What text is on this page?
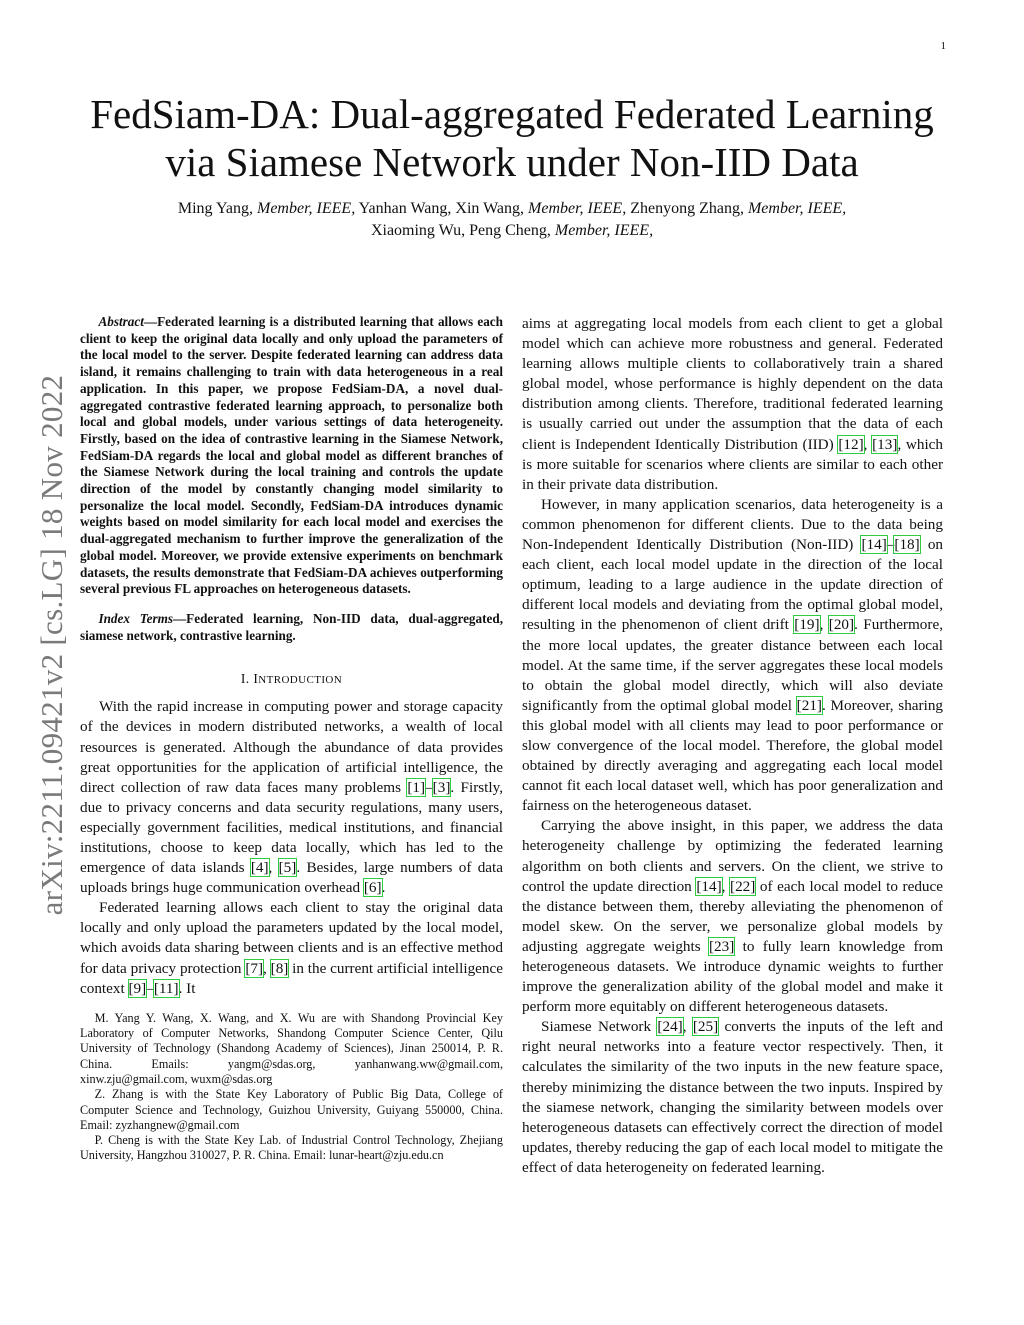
1
arXiv:2211.09421v2 [cs.LG] 18 Nov 2022
FedSiam-DA: Dual-aggregated Federated Learning via Siamese Network under Non-IID Data
Ming Yang, Member, IEEE, Yanhan Wang, Xin Wang, Member, IEEE, Zhenyong Zhang, Member, IEEE,
Xiaoming Wu, Peng Cheng, Member, IEEE,

Abstract—Federated learning is a distributed learning that allows each client to keep the original data locally and only upload the parameters of the local model to the server. Despite federated learning can address data island, it remains challenging to train with data heterogeneous in a real application. In this paper, we propose FedSiam-DA, a novel dual-aggregated contrastive federated learning approach, to personalize both local and global models, under various settings of data heterogeneity. Firstly, based on the idea of contrastive learning in the Siamese Network, FedSiam-DA regards the local and global model as different branches of the Siamese Network during the local training and controls the update direction of the model by constantly changing model similarity to personalize the local model. Secondly, FedSiam-DA introduces dynamic weights based on model similarity for each local model and exercises the dual-aggregated mechanism to further improve the generalization of the global model. Moreover, we provide extensive experiments on benchmark datasets, the results demonstrate that FedSiam-DA achieves outperforming several previous FL approaches on heterogeneous datasets.

Index Terms—Federated learning, Non-IID data, dual-aggregated, siamese network, contrastive learning.

I. INTRODUCTION

With the rapid increase in computing power and storage capacity of the devices in modern distributed networks, a wealth of local resources is generated. Although the abundance of data provides great opportunities for the application of artificial intelligence, the direct collection of raw data faces many problems [1]–[3]. Firstly, due to privacy concerns and data security regulations, many users, especially government facilities, medical institutions, and financial institutions, choose to keep data locally, which has led to the emergence of data islands [4], [5]. Besides, large numbers of data uploads brings huge communication overhead [6].

Federated learning allows each client to stay the original data locally and only upload the parameters updated by the local model, which avoids data sharing between clients and is an effective method for data privacy protection [7], [8] in the current artificial intelligence context [9]–[11]. It

M. Yang Y. Wang, X. Wang, and X. Wu are with Shandong Provincial Key Laboratory of Computer Networks, Shandong Computer Science Center, Qilu University of Technology (Shandong Academy of Sciences), Jinan 250014, P. R. China. Emails: yangm@sdas.org, yanhanwang.ww@gmail.com, xinw.zju@gmail.com, wuxm@sdas.org

Z. Zhang is with the State Key Laboratory of Public Big Data, College of Computer Science and Technology, Guizhou University, Guiyang 550000, China. Email: zyzhangnew@gmail.com

P. Cheng is with the State Key Lab. of Industrial Control Technology, Zhejiang University, Hangzhou 310027, P. R. China. Email: lunar-heart@zju.edu.cn

aims at aggregating local models from each client to get a global model which can achieve more robustness and general. Federated learning allows multiple clients to collaboratively train a shared global model, whose performance is highly dependent on the data distribution among clients. Therefore, traditional federated learning is usually carried out under the assumption that the data of each client is Independent Identically Distribution (IID) [12], [13], which is more suitable for scenarios where clients are similar to each other in their private data distribution.

However, in many application scenarios, data heterogeneity is a common phenomenon for different clients. Due to the data being Non-Independent Identically Distribution (Non-IID) [14]–[18] on each client, each local model update in the direction of the local optimum, leading to a large audience in the update direction of different local models and deviating from the optimal global model, resulting in the phenomenon of client drift [19], [20]. Furthermore, the more local updates, the greater distance between each local model. At the same time, if the server aggregates these local models to obtain the global model directly, which will also deviate significantly from the optimal global model [21]. Moreover, sharing this global model with all clients may lead to poor performance or slow convergence of the local model. Therefore, the global model obtained by directly averaging and aggregating each local model cannot fit each local dataset well, which has poor generalization and fairness on the heterogeneous dataset.

Carrying the above insight, in this paper, we address the data heterogeneity challenge by optimizing the federated learning algorithm on both clients and servers. On the client, we strive to control the update direction [14], [22] of each local model to reduce the distance between them, thereby alleviating the phenomenon of model skew. On the server, we personalize global models by adjusting aggregate weights [23] to fully learn knowledge from heterogeneous datasets. We introduce dynamic weights to further improve the generalization ability of the global model and make it perform more equitably on different heterogeneous datasets.

Siamese Network [24], [25] converts the inputs of the left and right neural networks into a feature vector respectively. Then, it calculates the similarity of the two inputs in the new feature space, thereby minimizing the distance between the two inputs. Inspired by the siamese network, changing the similarity between models over heterogeneous datasets can effectively correct the direction of model updates, thereby reducing the gap of each local model to mitigate the effect of data heterogeneity on federated learning.
